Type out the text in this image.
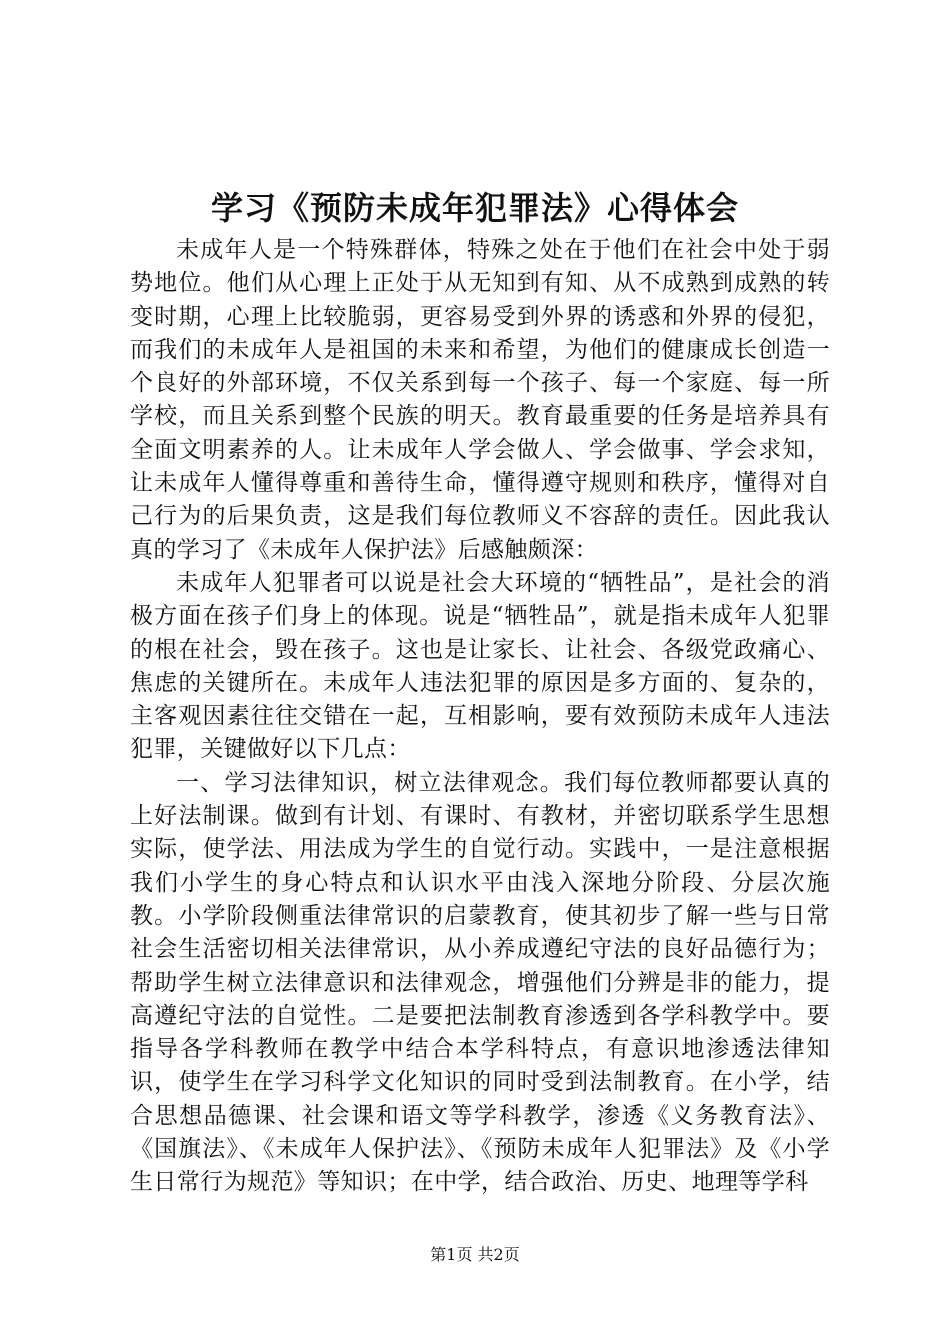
学习《预防未成年犯罪法》心得体会

未成年人是一个特殊群体，特殊之处在于他们在社会中处于弱势地位。他们从心理上正处于从无知到有知、从不成熟到成熟的转变时期，心理上比较脆弱，更容易受到外界的诱惑和外界的侵犯，而我们的未成年人是祖国的未来和希望，为他们的健康成长创造一个良好的外部环境，不仅关系到每一个孩子、每一个家庭、每一所学校，而且关系到整个民族的明天。教育最重要的任务是培养具有全面文明素养的人。让未成年人学会做人、学会做事、学会求知，让未成年人懂得尊重和善待生命，懂得遵守规则和秩序，懂得对自己行为的后果负责，这是我们每位教师义不容辞的责任。因此我认真的学习了《未成年人保护法》后感触颇深：

未成年人犯罪者可以说是社会大环境的“牺牲品”，是社会的消极方面在孩子们身上的体现。说是“牺牲品”，就是指未成年人犯罪的根在社会，毁在孩子。这也是让家长、让社会、各级党政痛心、焦虑的关键所在。未成年人违法犯罪的原因是多方面的、复杂的，主客观因素往往交错在一起，互相影响，要有效预防未成年人违法犯罪，关键做好以下几点：

一、学习法律知识，树立法律观念。我们每位教师都要认真的上好法制课。做到有计划、有课时、有教材，并密切联系学生思想实际，使学法、用法成为学生的自觉行动。实践中，一是注意根据我们小学生的身心特点和认识水平由浅入深地分阶段、分层次施教。小学阶段侧重法律常识的启蒙教育，使其初步了解一些与日常社会生活密切相关法律常识，从小养成遵纪守法的良好品德行为；帮助学生树立法律意识和法律观念，增强他们分辨是非的能力，提高遵纪守法的自觉性。二是要把法制教育渗透到各学科教学中。要指导各学科教师在教学中结合本学科特点，有意识地渗透法律知识，使学生在学习科学文化知识的同时受到法制教育。在小学，结合思想品德课、社会课和语文等学科教学，渗透《义务教育法》、《国旗法》、《未成年人保护法》、《预防未成年人犯罪法》及《小学生日常行为规范》等知识；在中学，结合政治、历史、地理等学科

第1页 共2页
